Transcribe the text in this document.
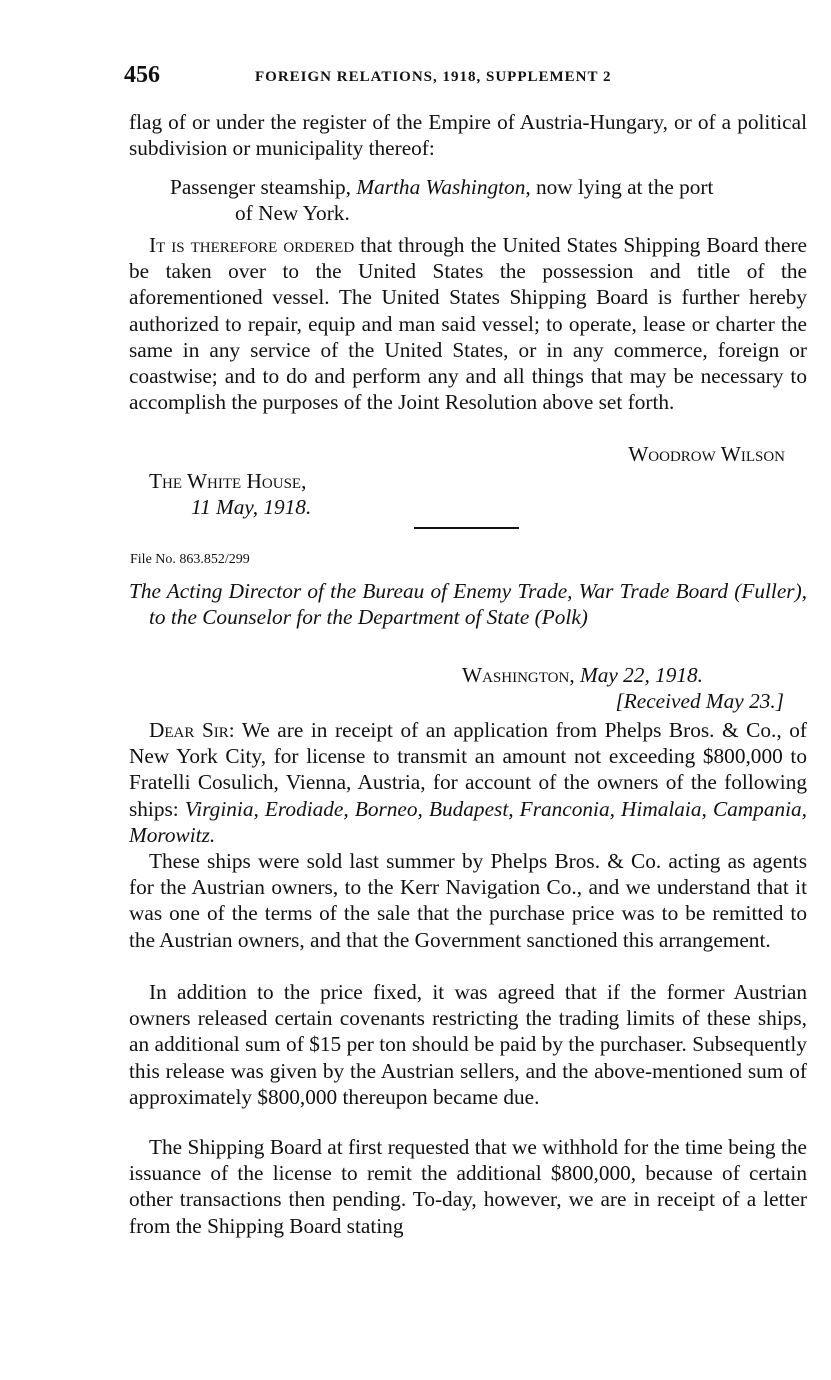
456	FOREIGN RELATIONS, 1918, SUPPLEMENT 2

flag of or under the register of the Empire of Austria-Hungary, or of a political subdivision or municipality thereof:

Passenger steamship, Martha Washington, now lying at the port
of New York.

It is therefore ordered that through the United States Shipping Board there be taken over to the United States the possession and title of the aforementioned vessel. The United States Shipping Board is further hereby authorized to repair, equip and man said vessel; to operate, lease or charter the same in any service of the United States, or in any commerce, foreign or coastwise; and to do and perform any and all things that may be necessary to accomplish the purposes of the Joint Resolution above set forth.

Woodrow Wilson
The White House,
11 May, 1918.
File No. 863.852/299

The Acting Director of the Bureau of Enemy Trade, War Trade Board (Fuller), to the Counselor for the Department of State (Polk)

Washington, May 22, 1918.
[Received May 23.]

Dear Sir: We are in receipt of an application from Phelps Bros. & Co., of New York City, for license to transmit an amount not exceeding $800,000 to Fratelli Cosulich, Vienna, Austria, for account of the owners of the following ships: Virginia, Erodiade, Borneo, Budapest, Franconia, Himalaia, Campania, Morowitz.

These ships were sold last summer by Phelps Bros. & Co. acting as agents for the Austrian owners, to the Kerr Navigation Co., and we understand that it was one of the terms of the sale that the purchase price was to be remitted to the Austrian owners, and that the Government sanctioned this arrangement.

In addition to the price fixed, it was agreed that if the former Austrian owners released certain covenants restricting the trading limits of these ships, an additional sum of $15 per ton should be paid by the purchaser. Subsequently this release was given by the Austrian sellers, and the above-mentioned sum of approximately $800,000 thereupon became due.

The Shipping Board at first requested that we withhold for the time being the issuance of the license to remit the additional $800,000, because of certain other transactions then pending. To-day, however, we are in receipt of a letter from the Shipping Board stating
